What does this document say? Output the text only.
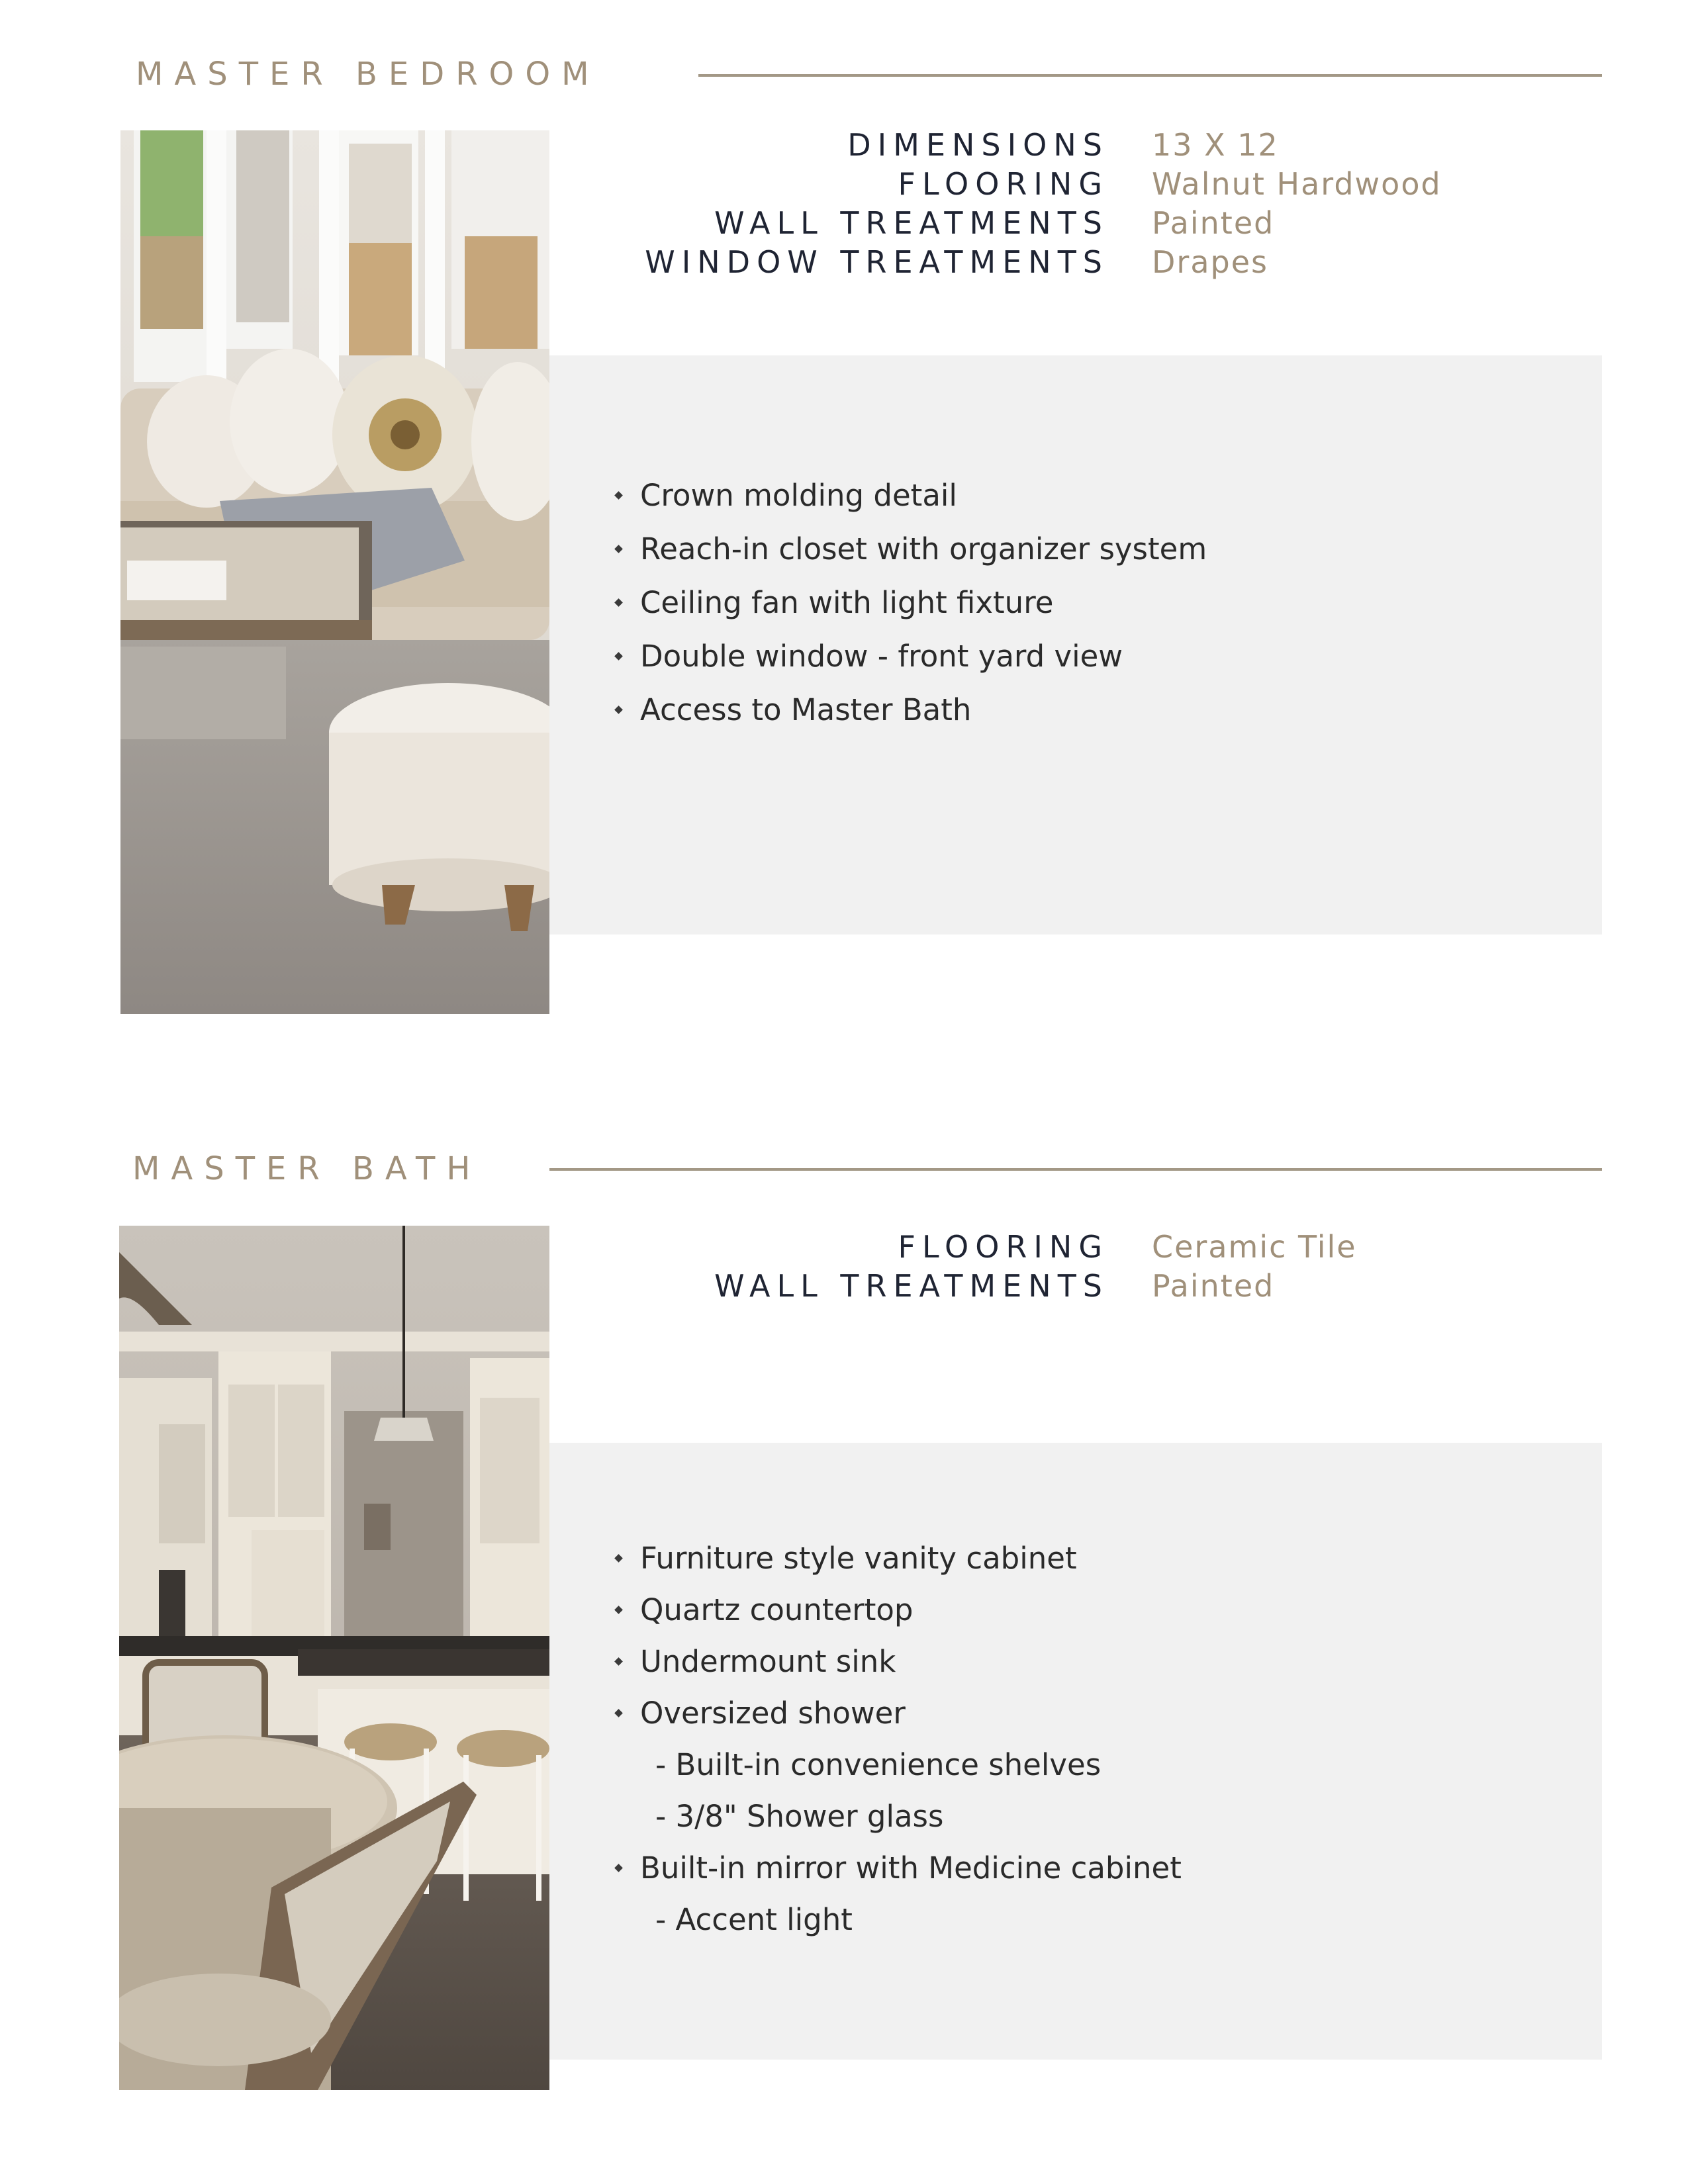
MASTER BEDROOM
DIMENSIONS 13 X 12
FLOORING Walnut Hardwood
WALL TREATMENTS Painted
WINDOW TREATMENTS Drapes
Crown molding detail
Reach-in closet with organizer system
Ceiling fan with light fixture
Double window - front yard view
Access to Master Bath
MASTER BATH
FLOORING Ceramic Tile
WALL TREATMENTS Painted
Furniture style vanity cabinet
Quartz countertop
Undermount sink
Oversized shower
- Built-in convenience shelves
- 3/8" Shower glass
Built-in mirror with Medicine cabinet
- Accent light
